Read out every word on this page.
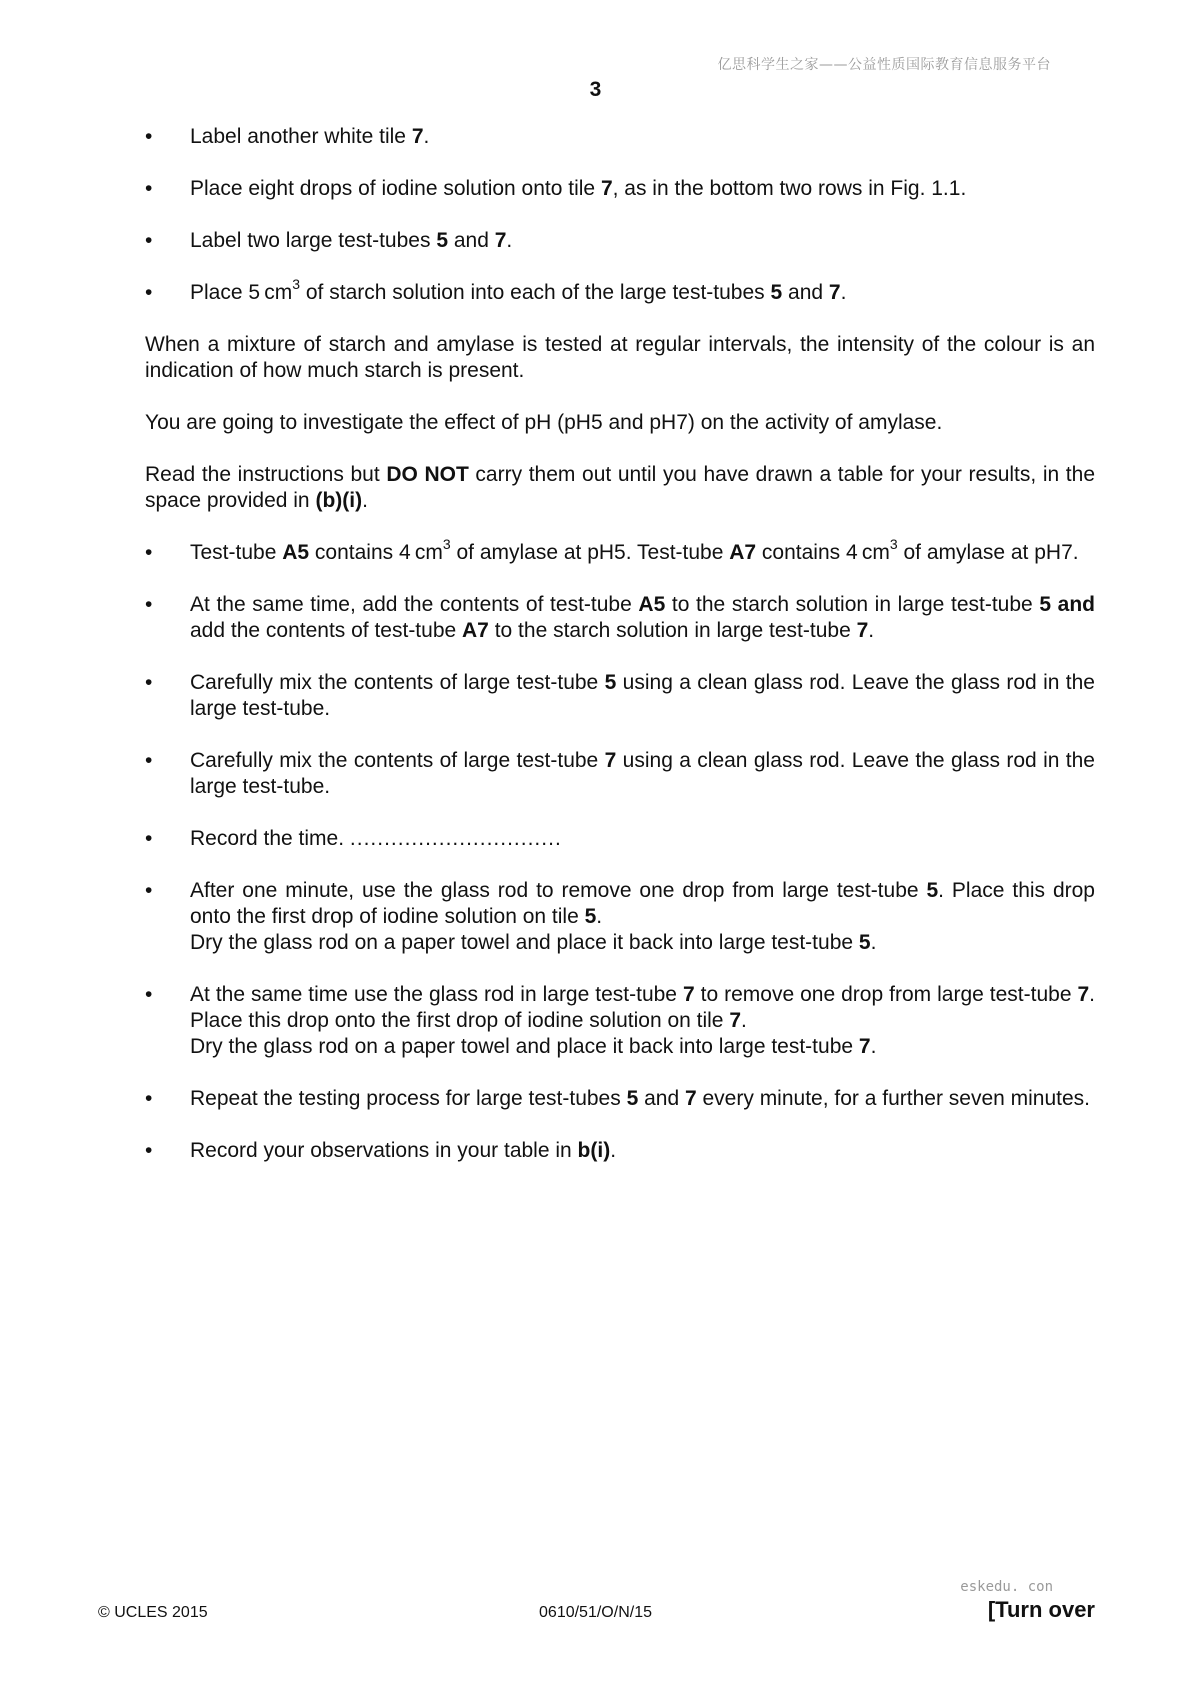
亿思科学生之家——公益性质国际教育信息服务平台
3
•	Label another white tile 7.
•	Place eight drops of iodine solution onto tile 7, as in the bottom two rows in Fig. 1.1.
•	Label two large test-tubes 5 and 7.
•	Place 5 $cm^3$ of starch solution into each of the large test-tubes 5 and 7.

When a mixture of starch and amylase is tested at regular intervals, the intensity of the colour is an indication of how much starch is present.

You are going to investigate the effect of pH (pH5 and pH7) on the activity of amylase.

Read the instructions but DO NOT carry them out until you have drawn a table for your results, in the space provided in (b)(i).

•	Test-tube A5 contains 4 $cm^3$ of amylase at pH5. Test-tube A7 contains 4 $cm^3$ of amylase at pH7.
•	At the same time, add the contents of test-tube A5 to the starch solution in large test-tube 5 and add the contents of test-tube A7 to the starch solution in large test-tube 7.
•	Carefully mix the contents of large test-tube 5 using a clean glass rod. Leave the glass rod in the large test-tube.
•	Carefully mix the contents of large test-tube 7 using a clean glass rod. Leave the glass rod in the large test-tube.
•	Record the time. ...............................
•	After one minute, use the glass rod to remove one drop from large test-tube 5. Place this drop onto the first drop of iodine solution on tile 5.
Dry the glass rod on a paper towel and place it back into large test-tube 5.
•	At the same time use the glass rod in large test-tube 7 to remove one drop from large test-tube 7. Place this drop onto the first drop of iodine solution on tile 7.
Dry the glass rod on a paper towel and place it back into large test-tube 7.
•	Repeat the testing process for large test-tubes 5 and 7 every minute, for a further seven minutes.
•	Record your observations in your table in b(i).
eskedu. con
© UCLES 2015	0610/51/O/N/15	[Turn over
